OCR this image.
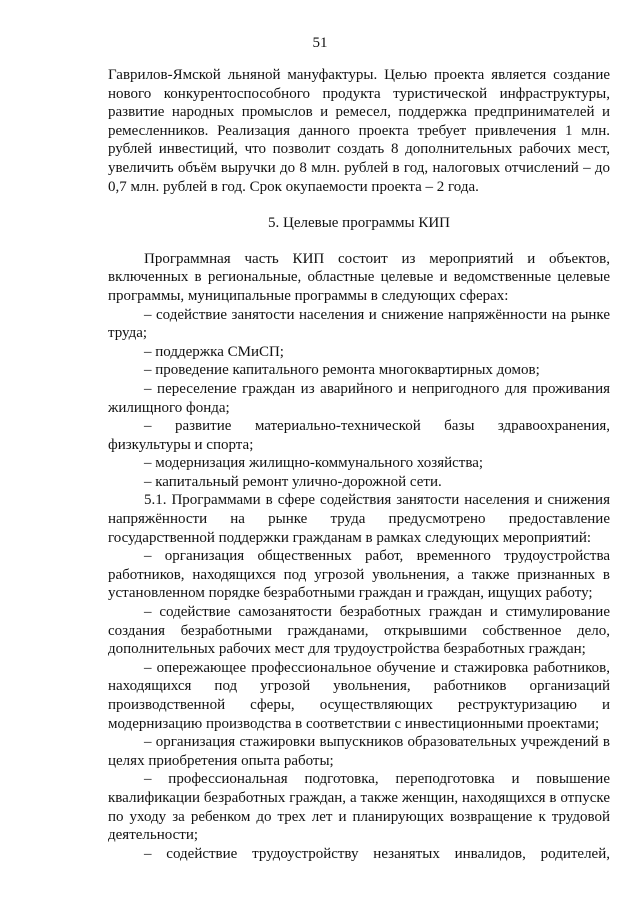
51

Гаврилов-Ямской льняной мануфактуры. Целью проекта является создание нового конкурентоспособного продукта туристической инфраструктуры, развитие народных промыслов и ремесел, поддержка предпринимателей и ремесленников. Реализация данного проекта требует привлечения 1 млн. рублей инвестиций, что позволит создать 8 дополнительных рабочих мест, увеличить объём выручки до 8 млн. рублей в год, налоговых отчислений – до 0,7 млн. рублей в год. Срок окупаемости проекта – 2 года.

5. Целевые программы КИП

Программная часть КИП состоит из мероприятий и объектов, включенных в региональные, областные целевые и ведомственные целевые программы, муниципальные программы в следующих сферах:

– содействие занятости населения и снижение напряжённости на рынке труда;

– поддержка СМиСП;

– проведение капитального ремонта многоквартирных домов;

– переселение граждан из аварийного и непригодного для проживания жилищного фонда;

– развитие материально-технической базы здравоохранения, физкультуры и спорта;

– модернизация жилищно-коммунального хозяйства;

– капитальный ремонт улично-дорожной сети.

5.1. Программами в сфере содействия занятости населения и снижения напряжённости на рынке труда предусмотрено предоставление государственной поддержки гражданам в рамках следующих мероприятий:

– организация общественных работ, временного трудоустройства работников, находящихся под угрозой увольнения, а также признанных в установленном порядке безработными граждан и граждан, ищущих работу;

– содействие самозанятости безработных граждан и стимулирование создания безработными гражданами, открывшими собственное дело, дополнительных рабочих мест для трудоустройства безработных граждан;

– опережающее профессиональное обучение и стажировка работников, находящихся под угрозой увольнения, работников организаций производственной сферы, осуществляющих реструктуризацию и модернизацию производства в соответствии с инвестиционными проектами;

– организация стажировки выпускников образовательных учреждений в целях приобретения опыта работы;

– профессиональная подготовка, переподготовка и повышение квалификации безработных граждан, а также женщин, находящихся в отпуске по уходу за ребенком до трех лет и планирующих возвращение к трудовой деятельности;

– содействие трудоустройству незанятых инвалидов, родителей,
